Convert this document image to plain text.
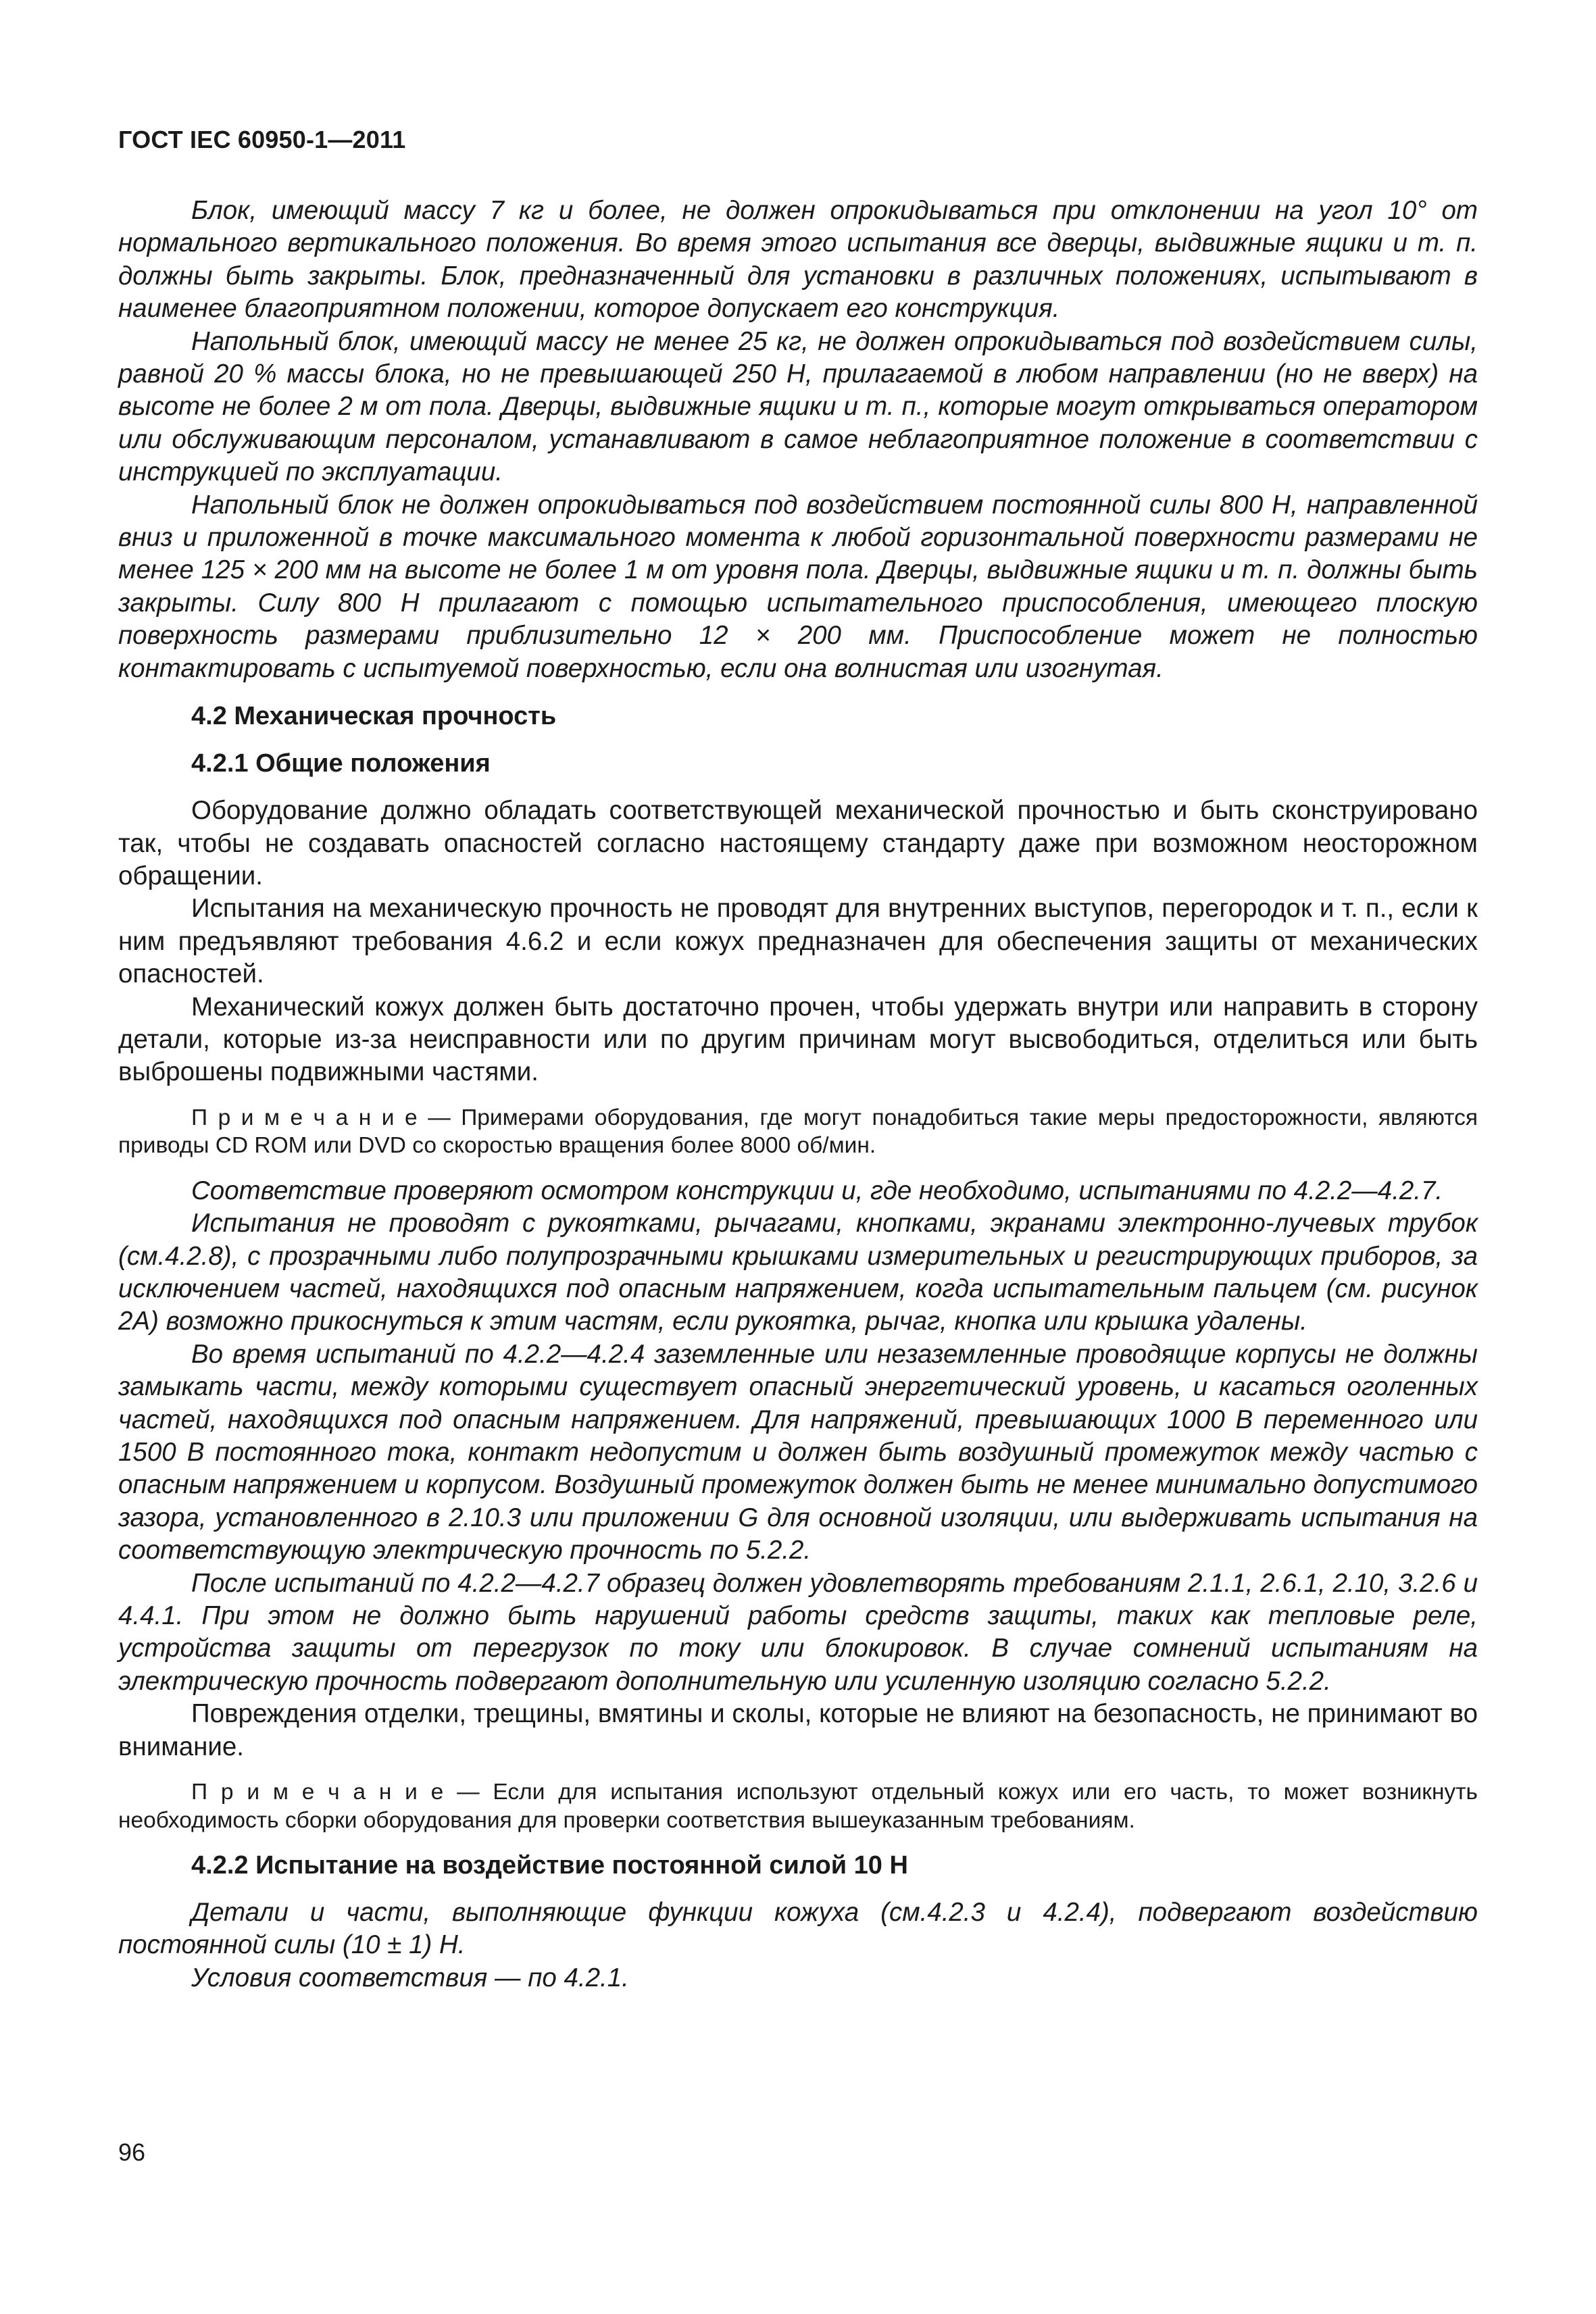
ГОСТ IEC 60950-1—2011

Блок, имеющий массу 7 кг и более, не должен опрокидываться при отклонении на угол 10° от нормального вертикального положения. Во время этого испытания все дверцы, выдвижные ящики и т. п. должны быть закрыты. Блок, предназначенный для установки в различных положениях, испытывают в наименее благоприятном положении, которое допускает его конструкция.

Напольный блок, имеющий массу не менее 25 кг, не должен опрокидываться под воздействием силы, равной 20 % массы блока, но не превышающей 250 Н, прилагаемой в любом направлении (но не вверх) на высоте не более 2 м от пола. Дверцы, выдвижные ящики и т. п., которые могут открываться оператором или обслуживающим персоналом, устанавливают в самое неблагоприятное положение в соответствии с инструкцией по эксплуатации.

Напольный блок не должен опрокидываться под воздействием постоянной силы 800 Н, направленной вниз и приложенной в точке максимального момента к любой горизонтальной поверхности размерами не менее 125 × 200 мм на высоте не более 1 м от уровня пола. Дверцы, выдвижные ящики и т. п. должны быть закрыты. Силу 800 Н прилагают с помощью испытательного приспособления, имеющего плоскую поверхность размерами приблизительно 12 × 200 мм. Приспособление может не полностью контактировать с испытуемой поверхностью, если она волнистая или изогнутая.

4.2 Механическая прочность

4.2.1 Общие положения

Оборудование должно обладать соответствующей механической прочностью и быть сконструировано так, чтобы не создавать опасностей согласно настоящему стандарту даже при возможном неосторожном обращении.

Испытания на механическую прочность не проводят для внутренних выступов, перегородок и т. п., если к ним предъявляют требования 4.6.2 и если кожух предназначен для обеспечения защиты от механических опасностей.

Механический кожух должен быть достаточно прочен, чтобы удержать внутри или направить в сторону детали, которые из-за неисправности или по другим причинам могут высвободиться, отделиться или быть выброшены подвижными частями.

П р и м е ч а н и е — Примерами оборудования, где могут понадобиться такие меры предосторожности, являются приводы CD ROM или DVD со скоростью вращения более 8000 об/мин.

Соответствие проверяют осмотром конструкции и, где необходимо, испытаниями по 4.2.2—4.2.7.

Испытания не проводят с рукоятками, рычагами, кнопками, экранами электронно-лучевых трубок (см.4.2.8), с прозрачными либо полупрозрачными крышками измерительных и регистрирующих приборов, за исключением частей, находящихся под опасным напряжением, когда испытательным пальцем (см. рисунок 2А) возможно прикоснуться к этим частям, если рукоятка, рычаг, кнопка или крышка удалены.

Во время испытаний по 4.2.2—4.2.4 заземленные или незаземленные проводящие корпусы не должны замыкать части, между которыми существует опасный энергетический уровень, и касаться оголенных частей, находящихся под опасным напряжением. Для напряжений, превышающих 1000 В переменного или 1500 В постоянного тока, контакт недопустим и должен быть воздушный промежуток между частью с опасным напряжением и корпусом. Воздушный промежуток должен быть не менее минимально допустимого зазора, установленного в 2.10.3 или приложении G для основной изоляции, или выдерживать испытания на соответствующую электрическую прочность по 5.2.2.

После испытаний по 4.2.2—4.2.7 образец должен удовлетворять требованиям 2.1.1, 2.6.1, 2.10, 3.2.6 и 4.4.1. При этом не должно быть нарушений работы средств защиты, таких как тепловые реле, устройства защиты от перегрузок по току или блокировок. В случае сомнений испытаниям на электрическую прочность подвергают дополнительную или усиленную изоляцию согласно 5.2.2.

Повреждения отделки, трещины, вмятины и сколы, которые не влияют на безопасность, не принимают во внимание.

П р и м е ч а н и е — Если для испытания используют отдельный кожух или его часть, то может возникнуть необходимость сборки оборудования для проверки соответствия вышеуказанным требованиям.

4.2.2 Испытание на воздействие постоянной силой 10 Н

Детали и части, выполняющие функции кожуха (см.4.2.3 и 4.2.4), подвергают воздействию постоянной силы (10 ± 1) Н.

Условия соответствия — по 4.2.1.

96
